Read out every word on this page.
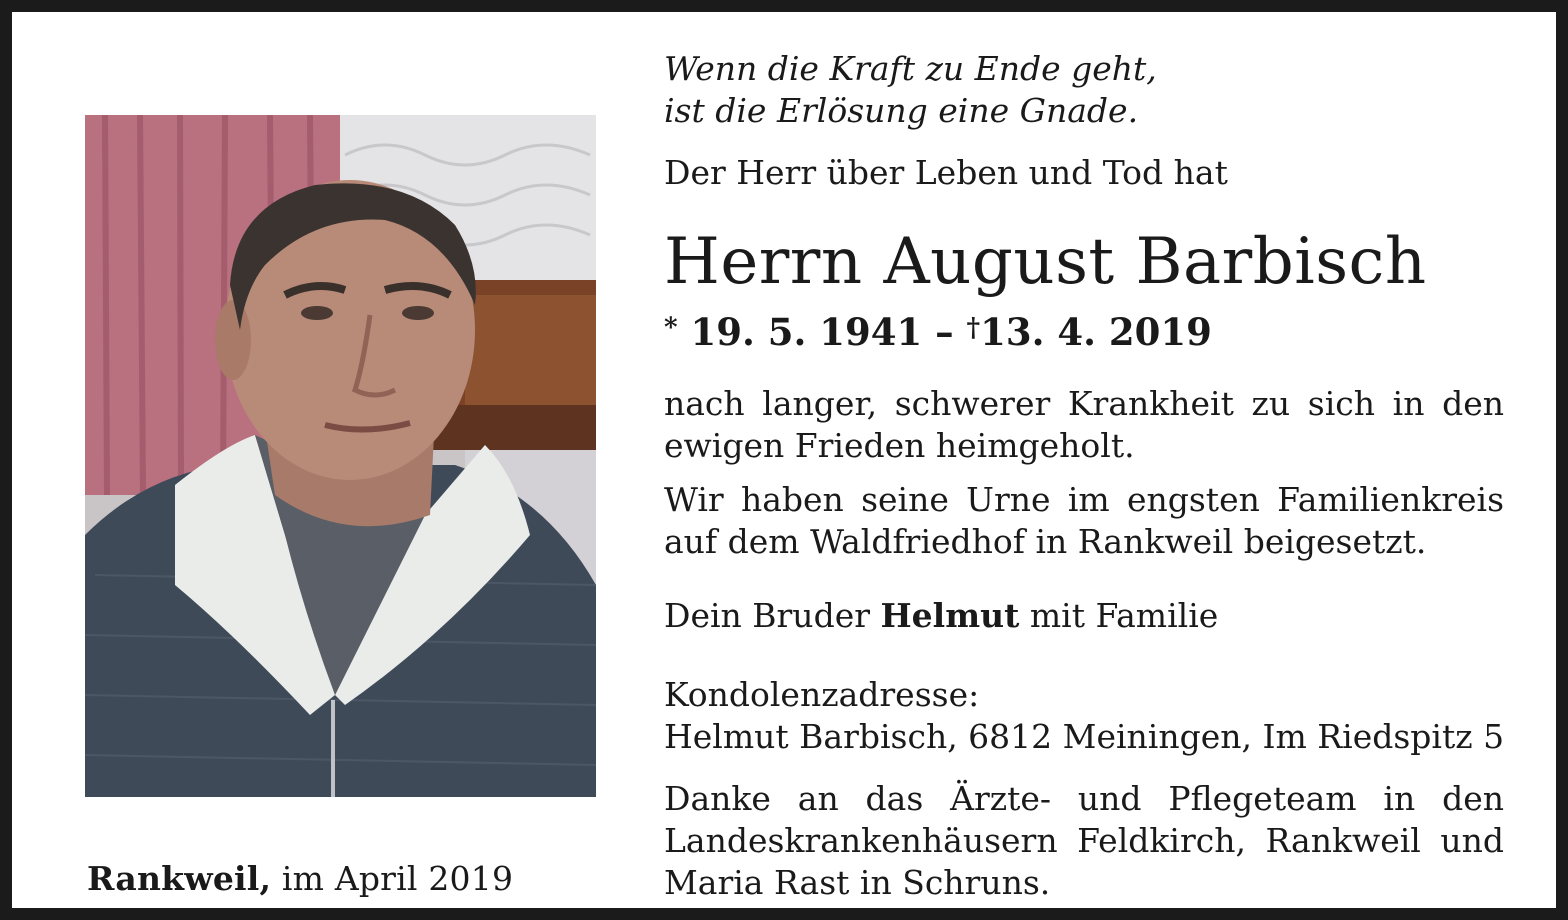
Rankweil, im April 2019
Wenn die Kraft zu Ende geht,
ist die Erlösung eine Gnade.
Der Herr über Leben und Tod hat
Herrn August Barbisch
* 19. 5. 1941 – †13. 4. 2019
nach langer, schwerer Krankheit zu sich in den ewigen Frieden heimgeholt.
Wir haben seine Urne im engsten Familienkreis auf dem Waldfriedhof in Rankweil beigesetzt.
Dein Bruder Helmut mit Familie
Kondolenzadresse:
Helmut Barbisch, 6812 Meiningen, Im Riedspitz 5
Danke an das Ärzte- und Pflegeteam in den
Landeskrankenhäusern Feldkirch, Rankweil und
Maria Rast in Schruns.
